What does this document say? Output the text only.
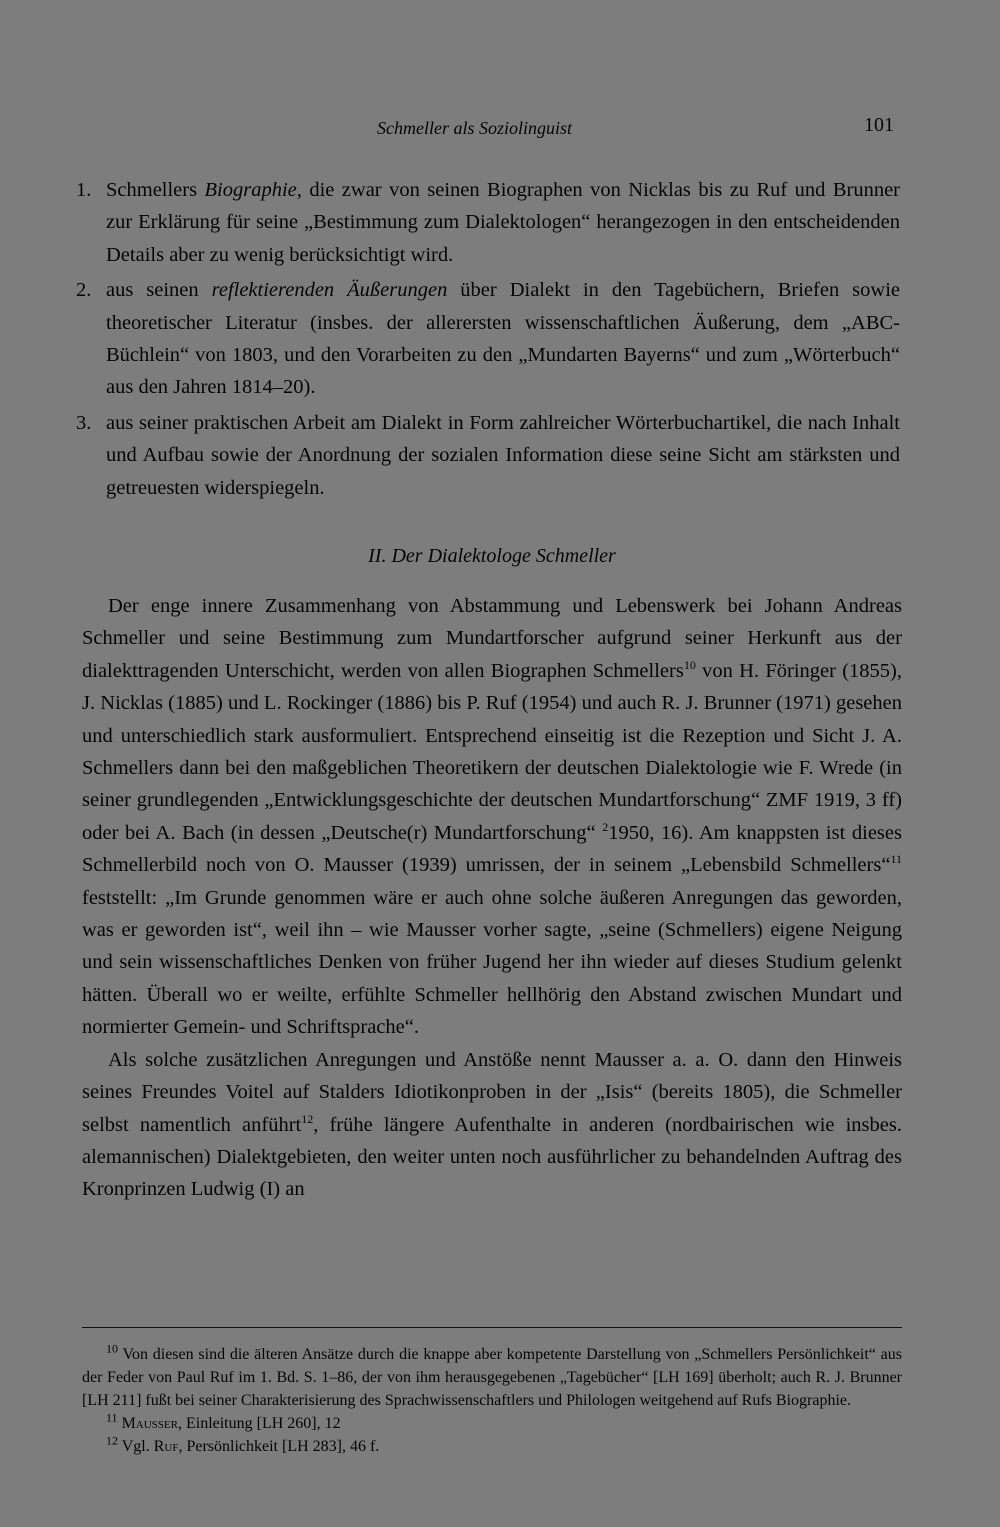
Schmeller als Soziolinguist	101
1. Schmellers Biographie, die zwar von seinen Biographen von Nicklas bis zu Ruf und Brunner zur Erklärung für seine „Bestimmung zum Dialektologen“ herangezogen in den entscheidenden Details aber zu wenig berücksichtigt wird.
2. aus seinen reflektierenden Äußerungen über Dialekt in den Tagebüchern, Briefen sowie theoretischer Literatur (insbes. der allerersten wissenschaftlichen Äußerung, dem „ABC-Büchlein“ von 1803, und den Vorarbeiten zu den „Mundarten Bayerns“ und zum „Wörterbuch“ aus den Jahren 1814–20).
3. aus seiner praktischen Arbeit am Dialekt in Form zahlreicher Wörterbuchartikel, die nach Inhalt und Aufbau sowie der Anordnung der sozialen Information diese seine Sicht am stärksten und getreuesten widerspiegeln.
II. Der Dialektologe Schmeller

Der enge innere Zusammenhang von Abstammung und Lebenswerk bei Johann Andreas Schmeller und seine Bestimmung zum Mundartforscher aufgrund seiner Herkunft aus der dialekttragenden Unterschicht, werden von allen Biographen Schmellers$^{10}$ von H. Föringer (1855), J. Nicklas (1885) und L. Rockinger (1886) bis P. Ruf (1954) und auch R. J. Brunner (1971) gesehen und unterschiedlich stark ausformuliert. Entsprechend einseitig ist die Rezeption und Sicht J. A. Schmellers dann bei den maßgeblichen Theoretikern der deutschen Dialektologie wie F. Wrede (in seiner grundlegenden „Entwicklungsgeschichte der deutschen Mundartforschung“ ZMF 1919, 3 ff) oder bei A. Bach (in dessen „Deutsche(r) Mundartforschung“ $^2$1950, 16). Am knappsten ist dieses Schmellerbild noch von O. Mausser (1939) umrissen, der in seinem „Lebensbild Schmellers“$^{11}$ feststellt: „Im Grunde genommen wäre er auch ohne solche äußeren Anregungen das geworden, was er geworden ist“, weil ihn – wie Mausser vorher sagte, „seine (Schmellers) eigene Neigung und sein wissenschaftliches Denken von früher Jugend her ihn wieder auf dieses Studium gelenkt hätten. Überall wo er weilte, erfühlte Schmeller hellhörig den Abstand zwischen Mundart und normierter Gemein- und Schriftsprache“.

Als solche zusätzlichen Anregungen und Anstöße nennt Mausser a. a. O. dann den Hinweis seines Freundes Voitel auf Stalders Idiotikonproben in der „Isis“ (bereits 1805), die Schmeller selbst namentlich anführt$^{12}$, frühe längere Aufenthalte in anderen (nordbairischen wie insbes. alemannischen) Dialektgebieten, den weiter unten noch ausführlicher zu behandelnden Auftrag des Kronprinzen Ludwig (I) an

$^{10}$ Von diesen sind die älteren Ansätze durch die knappe aber kompetente Darstellung von „Schmellers Persönlichkeit“ aus der Feder von Paul Ruf im 1. Bd. S. 1–86, der von ihm herausgegebenen „Tagebücher“ [LH 169] überholt; auch R. J. Brunner [LH 211] fußt bei seiner Charakterisierung des Sprachwissenschaftlers und Philologen weitgehend auf Rufs Biographie.

$^{11}$ Mausser, Einleitung [LH 260], 12

$^{12}$ Vgl. Ruf, Persönlichkeit [LH 283], 46 f.
